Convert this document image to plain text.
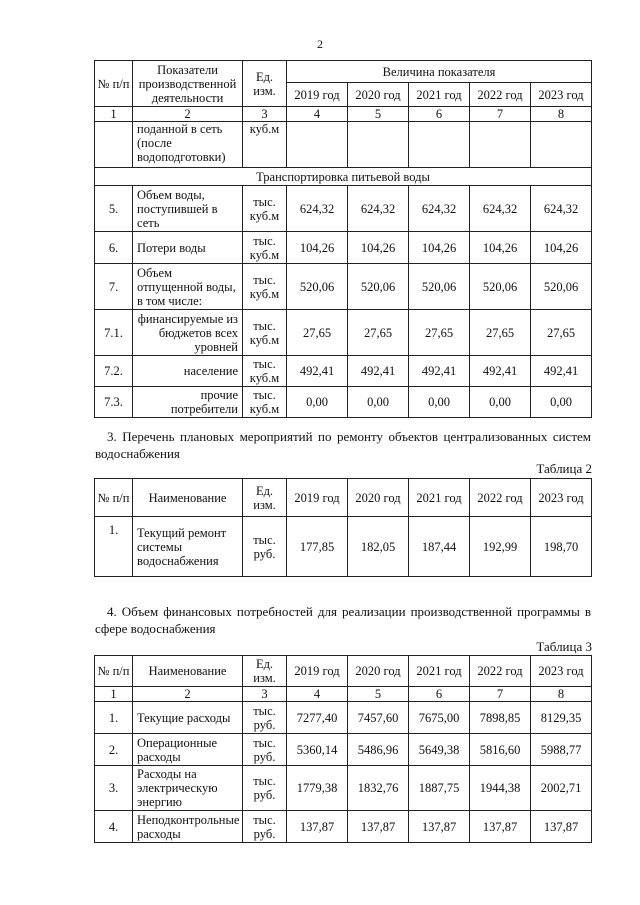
2
№ п/п	Показатели производственной деятельности	Ед. изм.	Величина показателя				
			2019 год	2020 год	2021 год	2022 год	2023 год
1	2	3	4	5	6	7	8
	поданной в сеть (после водоподготовки)	куб.м					
Транспортировка питьевой воды							
5.	Объем воды, поступившей в сеть	тыс. куб.м	624,32	624,32	624,32	624,32	624,32
6.	Потери воды	тыс. куб.м	104,26	104,26	104,26	104,26	104,26
7.	Объем отпущенной воды, в том числе:	тыс. куб.м	520,06	520,06	520,06	520,06	520,06
7.1.	финансируемые из бюджетов всех уровней	тыс. куб.м	27,65	27,65	27,65	27,65	27,65
7.2.	население	тыс. куб.м	492,41	492,41	492,41	492,41	492,41
7.3.	прочие потребители	тыс. куб.м	0,00	0,00	0,00	0,00	0,00
3. Перечень плановых мероприятий по ремонту объектов централизованных систем водоснабжения
Таблица 2
№ п/п	Наименование	Ед. изм.	2019 год	2020 год	2021 год	2022 год	2023 год
1.	Текущий ремонт системы водоснабжения	тыс. руб.	177,85	182,05	187,44	192,99	198,70
4. Объем финансовых потребностей для реализации производственной программы в сфере водоснабжения
Таблица 3
№ п/п	Наименование	Ед. изм.	2019 год	2020 год	2021 год	2022 год	2023 год
1	2	3	4	5	6	7	8
1.	Текущие расходы	тыс. руб.	7277,40	7457,60	7675,00	7898,85	8129,35
2.	Операционные расходы	тыс. руб.	5360,14	5486,96	5649,38	5816,60	5988,77
3.	Расходы на электрическую энергию	тыс. руб.	1779,38	1832,76	1887,75	1944,38	2002,71
4.	Неподконтрольные расходы	тыс. руб.	137,87	137,87	137,87	137,87	137,87
